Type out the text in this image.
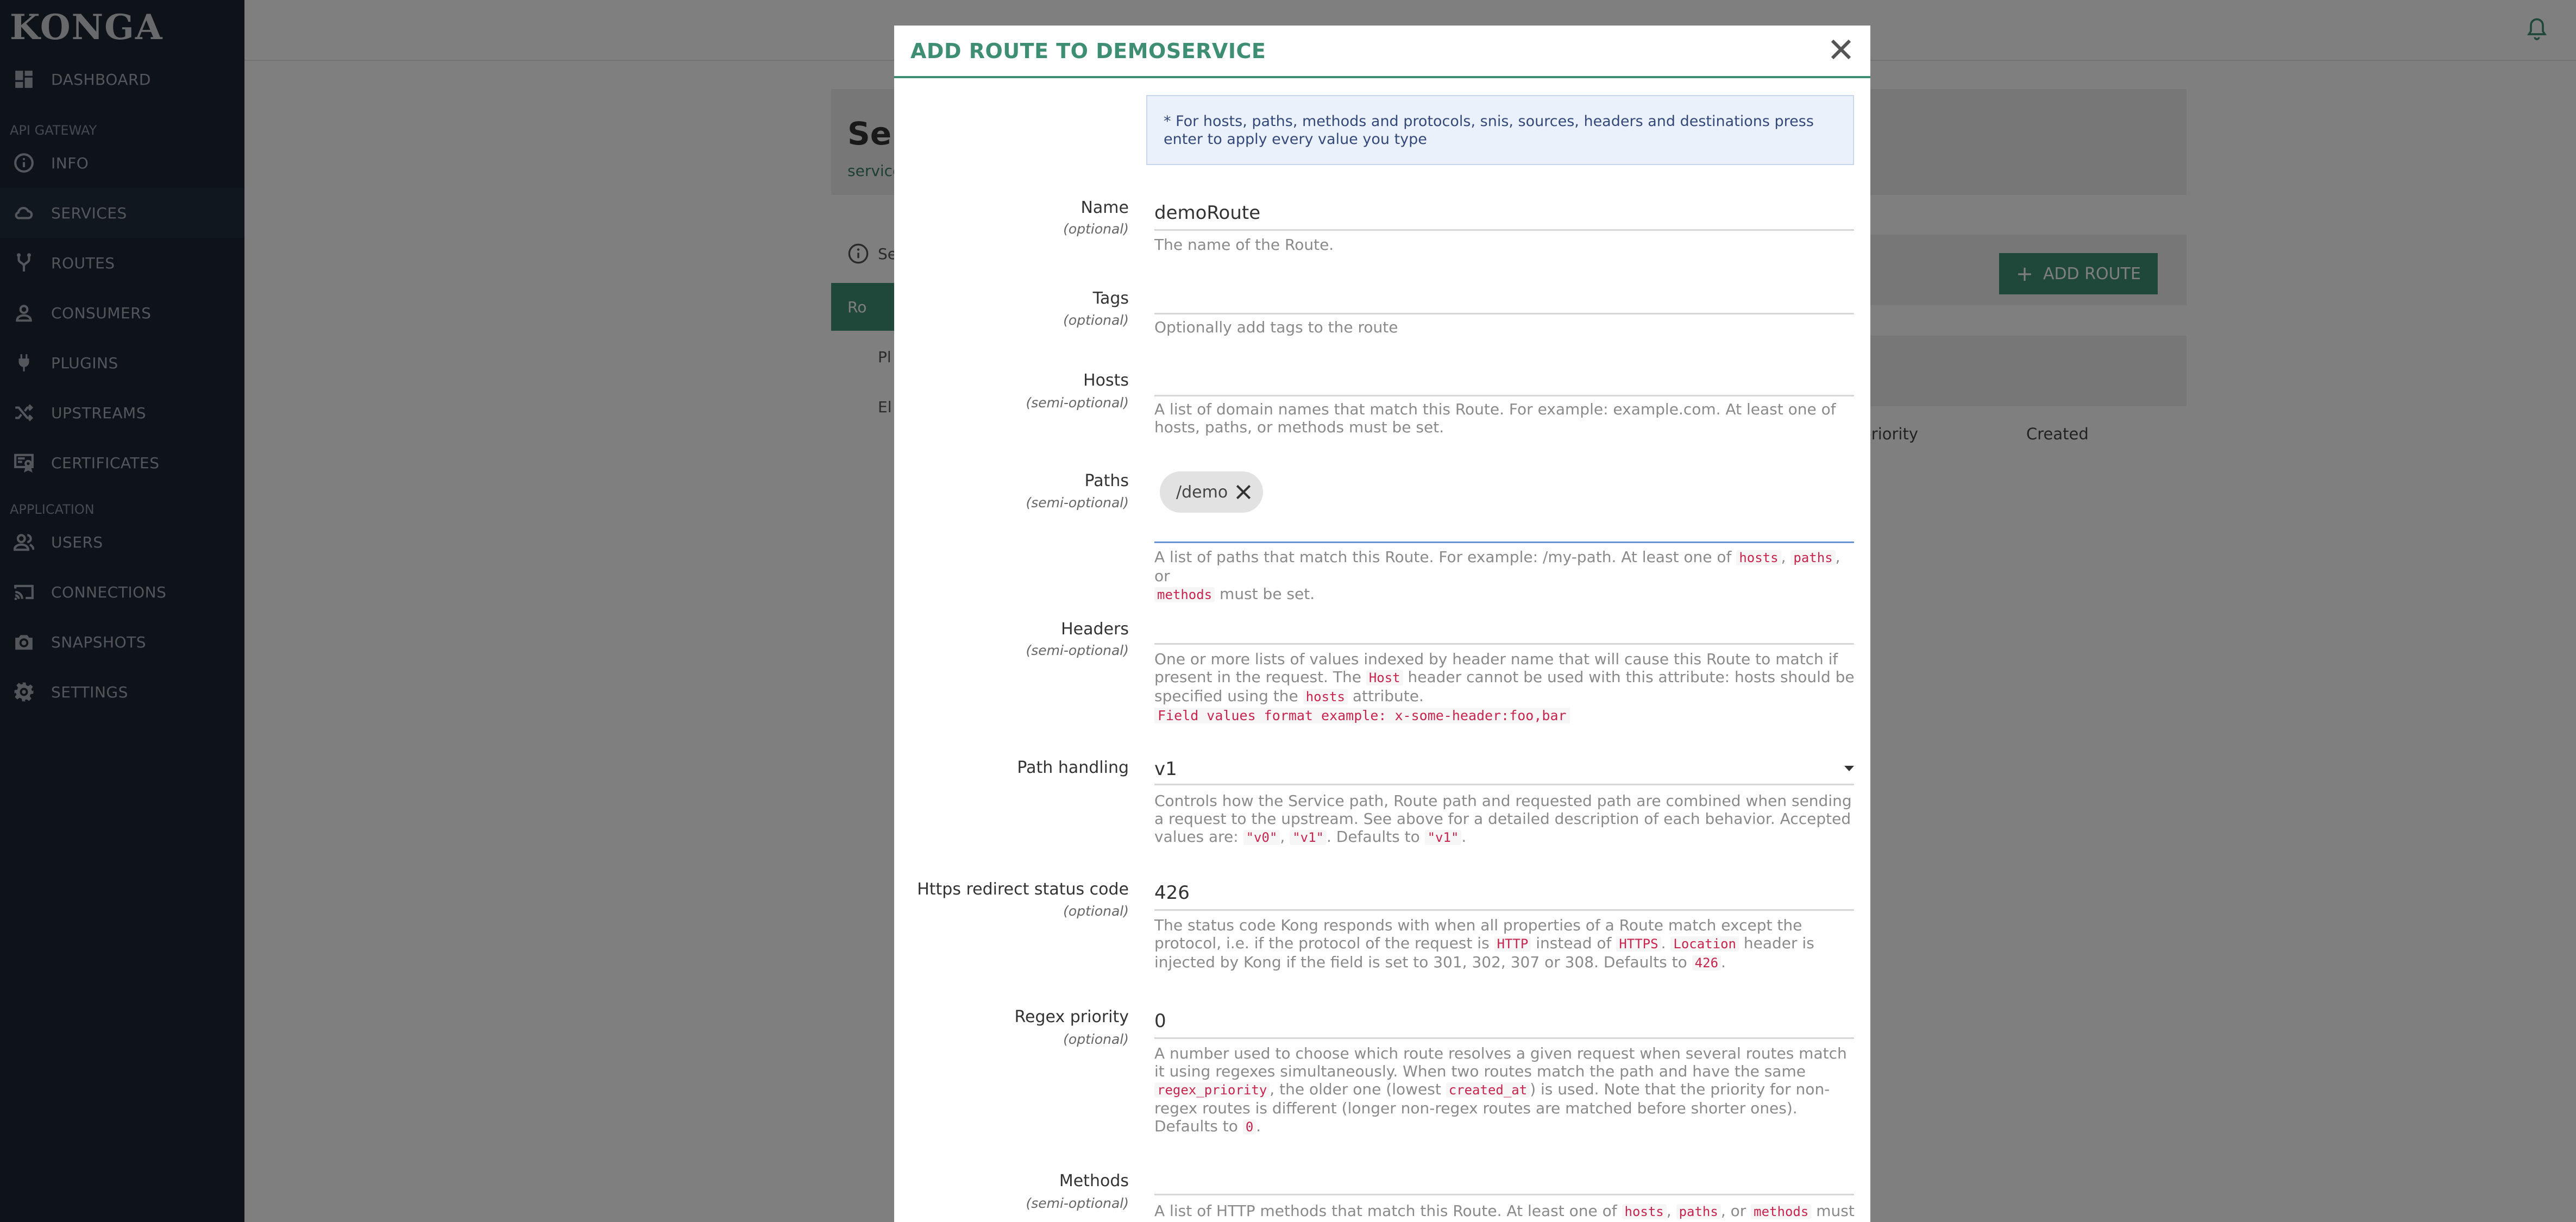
ADD ROUTE TO DEMOSERVICE
* For hosts, paths, methods and protocols, snis, sources, headers and destinations press enter to apply every value you type
Name
(optional)
demoRoute
The name of the Route.
Tags
(optional) Optionally add tags to the route
Hosts
(semi-optional) A list of domain names that match this Route. For example: example.com. At least one of hosts, paths, or methods must be set.
Paths
(semi-optional)
/demo
A list of paths that match this Route. For example: /my-path. At least one of hosts , paths , or
methods must be set.
Headers
(semi-optional) One or more lists of values indexed by header name that will cause this Route to match if present in the request. The Host header cannot be used with this attribute: hosts should be specified using the hosts attribute.
Field values format example: x-some-header:foo,bar
Path handling v1
Controls how the Service path, Route path and requested path are combined when sending a request to the upstream. See above for a detailed description of each behavior. Accepted values are: "v0" , "v1" . Defaults to "v1" .
Https redirect status code
(optional)
426
The status code Kong responds with when all properties of a Route match except the protocol, i.e. if the protocol of the request is HTTP instead of HTTPS . Location header is injected by Kong if the field is set to 301, 302, 307 or 308. Defaults to 426 .
Regex priority
(optional)
0
A number used to choose which route resolves a given request when several routes match it using regexes simultaneously. When two routes match the path and have the same regex_priority , the older one (lowest created_at ) is used. Note that the priority for non-regex routes is different (longer non-regex routes are matched before shorter ones). Defaults to 0 .
Methods
(semi-optional) A list of HTTP methods that match this Route. At least one of hosts , paths , or methods must
